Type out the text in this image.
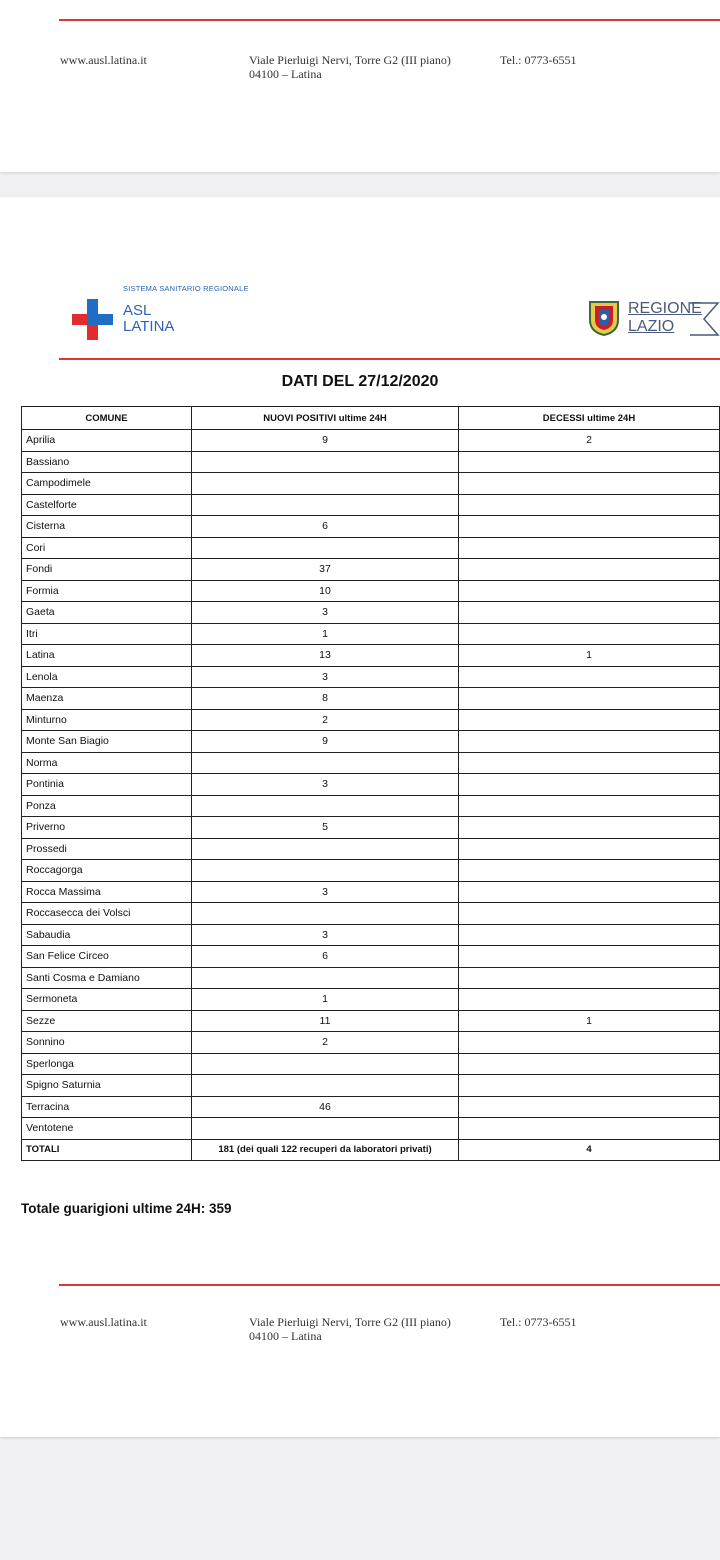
www.ausl.latina.it	Viale Pierluigi Nervi, Torre G2 (III piano)
04100 – Latina
Tel.: 0773-6551
SISTEMA SANITARIO REGIONALE
ASL
LATINA
REGIONE
LAZIO
DATI DEL 27/12/2020
COMUNE	NUOVI POSITIVI ultime 24H	DECESSI ultime 24H
Aprilia	9	2
Bassiano		
Campodimele		
Castelforte		
Cisterna	6	
Cori		
Fondi	37	
Formia	10	
Gaeta	3	
Itri	1	
Latina	13	1
Lenola	3	
Maenza	8	
Minturno	2	
Monte San Biagio	9	
Norma		
Pontinia	3	
Ponza		
Priverno	5	
Prossedi		
Roccagorga		
Rocca Massima	3	
Roccasecca dei Volsci		
Sabaudia	3	
San Felice Circeo	6	
Santi Cosma e Damiano		
Sermoneta	1	
Sezze	11	1
Sonnino	2	
Sperlonga		
Spigno Saturnia		
Terracina	46	
Ventotene		
TOTALI	181 (dei quali 122 recuperi da laboratori privati)	4
Totale guarigioni ultime 24H: 359
www.ausl.latina.it	Viale Pierluigi Nervi, Torre G2 (III piano)
04100 – Latina
Tel.: 0773-6551
